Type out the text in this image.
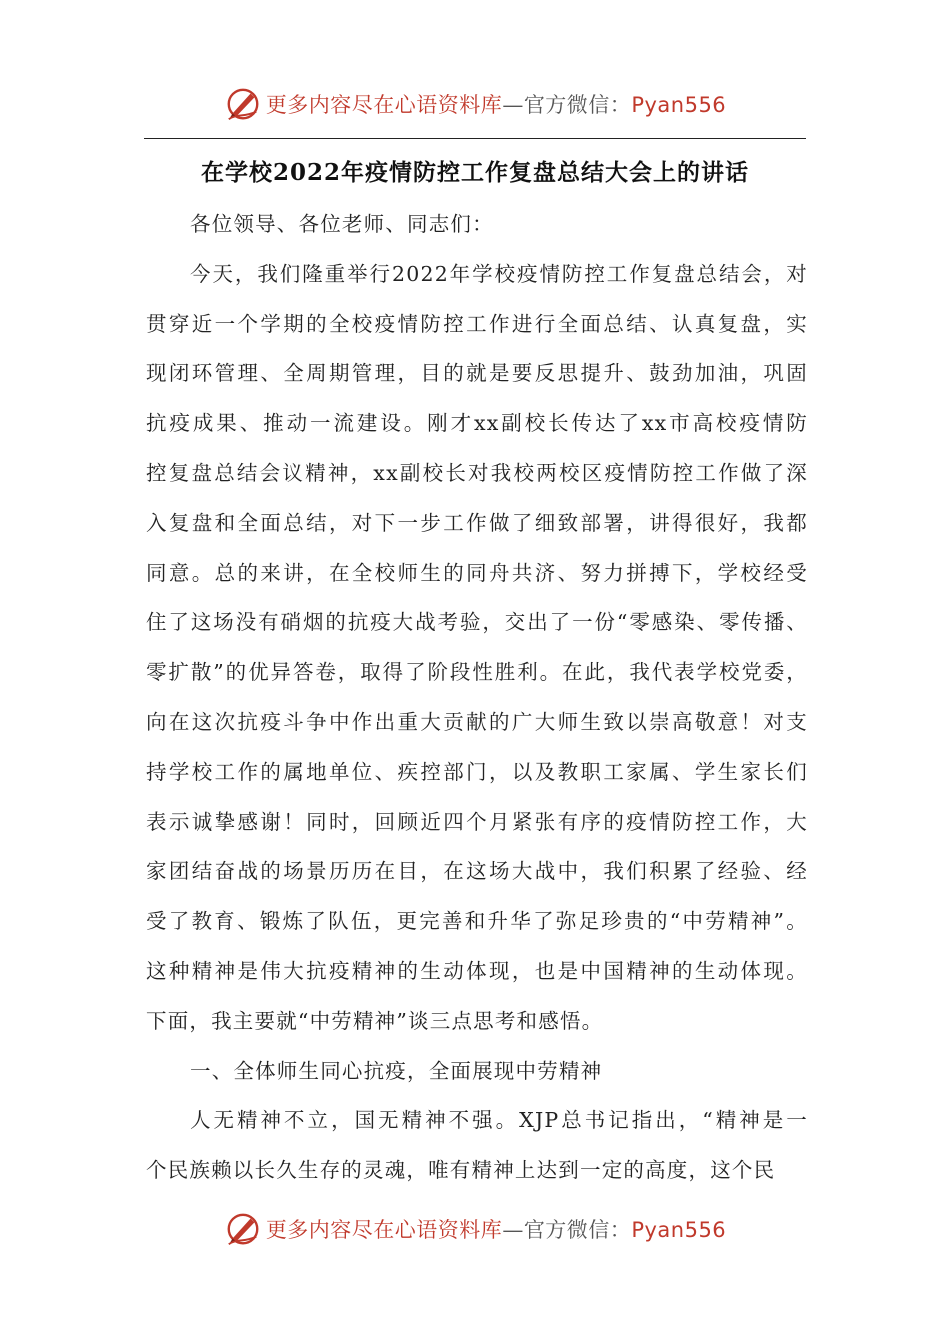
更多内容尽在心语资料库—官方微信：Pyan556
在学校2022年疫情防控工作复盘总结大会上的讲话
各位领导、各位老师、同志们：
今天，我们隆重举行2022年学校疫情防控工作复盘总结会，对
贯穿近一个学期的全校疫情防控工作进行全面总结、认真复盘，实
现闭环管理、全周期管理，目的就是要反思提升、鼓劲加油，巩固
抗疫成果、推动一流建设。刚才xx副校长传达了xx市高校疫情防
控复盘总结会议精神，xx副校长对我校两校区疫情防控工作做了深
入复盘和全面总结，对下一步工作做了细致部署，讲得很好，我都
同意。总的来讲，在全校师生的同舟共济、努力拼搏下，学校经受
住了这场没有硝烟的抗疫大战考验，交出了一份“零感染、零传播、
零扩散”的优异答卷，取得了阶段性胜利。在此，我代表学校党委，
向在这次抗疫斗争中作出重大贡献的广大师生致以崇高敬意！对支
持学校工作的属地单位、疾控部门，以及教职工家属、学生家长们
表示诚挚感谢！同时，回顾近四个月紧张有序的疫情防控工作，大
家团结奋战的场景历历在目，在这场大战中，我们积累了经验、经
受了教育、锻炼了队伍，更完善和升华了弥足珍贵的“中劳精神”。
这种精神是伟大抗疫精神的生动体现，也是中国精神的生动体现。
下面，我主要就“中劳精神”谈三点思考和感悟。
一、全体师生同心抗疫，全面展现中劳精神
人无精神不立，国无精神不强。XJP总书记指出，“精神是一
个民族赖以长久生存的灵魂，唯有精神上达到一定的高度，这个民
更多内容尽在心语资料库—官方微信：Pyan556
